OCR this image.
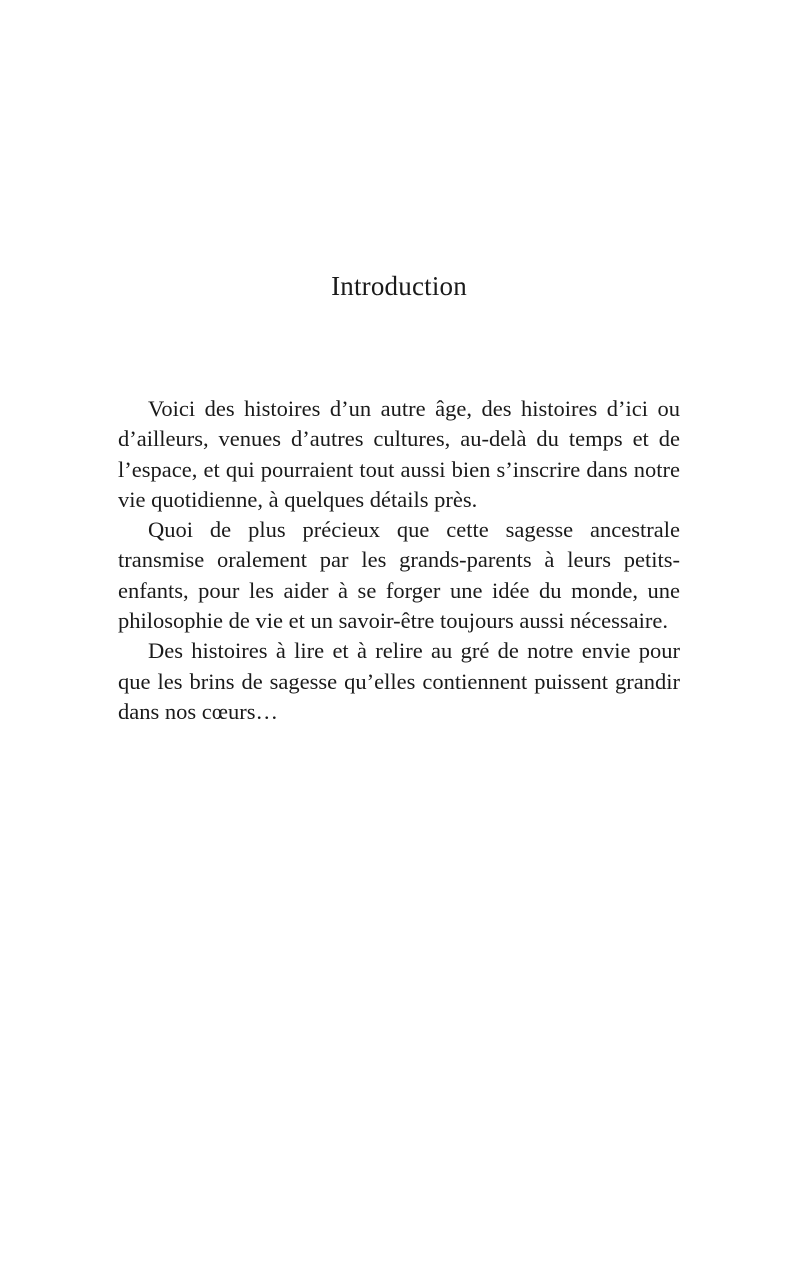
Introduction

Voici des histoires d’un autre âge, des histoires d’ici ou d’ailleurs, venues d’autres cultures, au-delà du temps et de l’espace, et qui pourraient tout aussi bien s’inscrire dans notre vie quotidienne, à quelques détails près.

Quoi de plus précieux que cette sagesse ancestrale transmise oralement par les grands-parents à leurs petits-enfants, pour les aider à se forger une idée du monde, une philosophie de vie et un savoir-être toujours aussi nécessaire.

Des histoires à lire et à relire au gré de notre envie pour que les brins de sagesse qu’elles contiennent puissent grandir dans nos cœurs…
